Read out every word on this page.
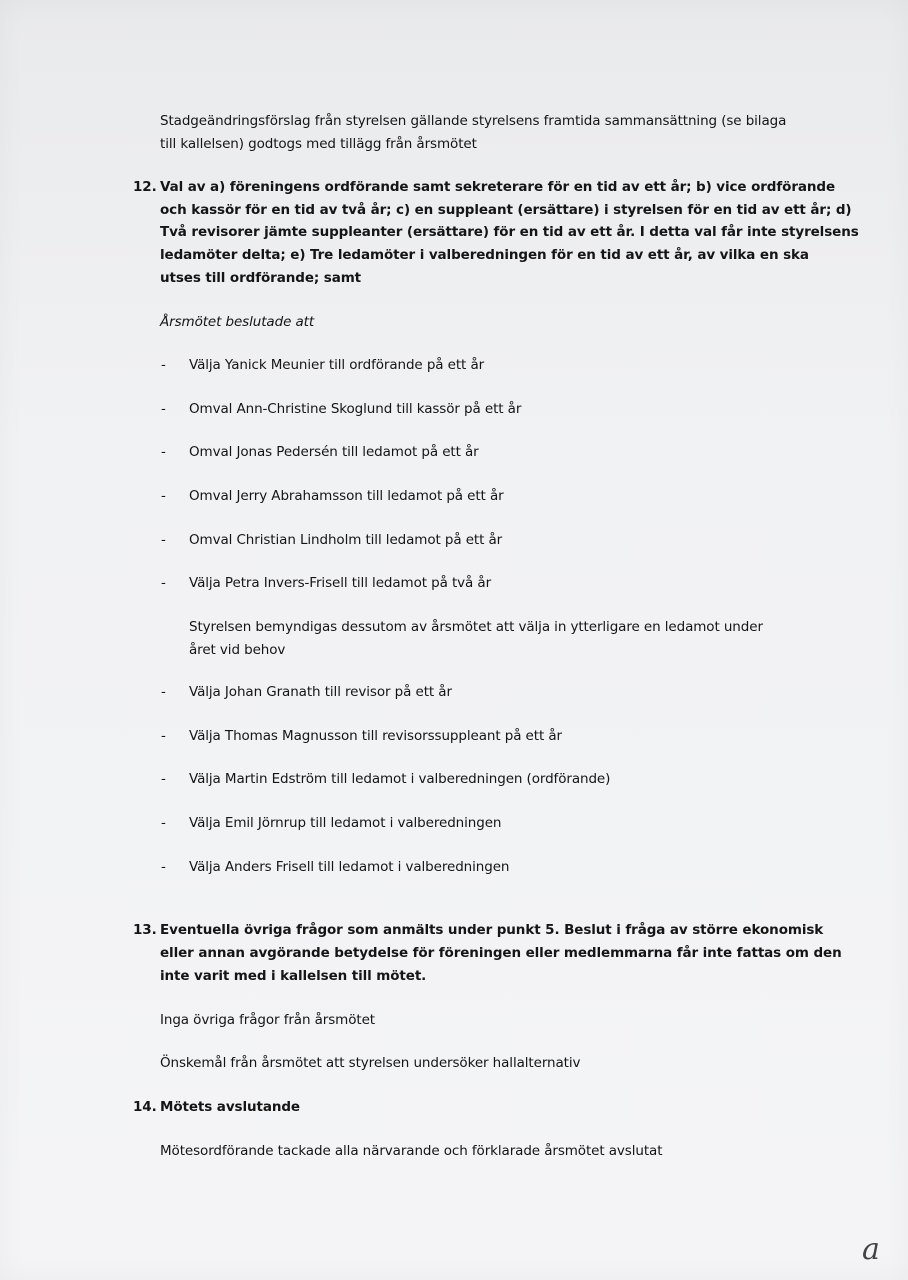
Stadgeändringsförslag från styrelsen gällande styrelsens framtida sammansättning (se bilaga
till kallelsen) godtogs med tillägg från årsmötet
12. Val av a) föreningens ordförande samt sekreterare för en tid av ett år; b) vice ordförande
och kassör för en tid av två år; c) en suppleant (ersättare) i styrelsen för en tid av ett år; d)
Två revisorer jämte suppleanter (ersättare) för en tid av ett år. I detta val får inte styrelsens
ledamöter delta; e) Tre ledamöter i valberedningen för en tid av ett år, av vilka en ska
utses till ordförande; samt
Årsmötet beslutade att
- Välja Yanick Meunier till ordförande på ett år
- Omval Ann-Christine Skoglund till kassör på ett år
- Omval Jonas Pedersén till ledamot på ett år
- Omval Jerry Abrahamsson till ledamot på ett år
- Omval Christian Lindholm till ledamot på ett år
- Välja Petra Invers-Frisell till ledamot på två år
Styrelsen bemyndigas dessutom av årsmötet att välja in ytterligare en ledamot under
året vid behov
- Välja Johan Granath till revisor på ett år
- Välja Thomas Magnusson till revisorssuppleant på ett år
- Välja Martin Edström till ledamot i valberedningen (ordförande)
- Välja Emil Jörnrup till ledamot i valberedningen
- Välja Anders Frisell till ledamot i valberedningen
13. Eventuella övriga frågor som anmälts under punkt 5. Beslut i fråga av större ekonomisk
eller annan avgörande betydelse för föreningen eller medlemmarna får inte fattas om den
inte varit med i kallelsen till mötet.
Inga övriga frågor från årsmötet
Önskemål från årsmötet att styrelsen undersöker hallalternativ
14. Mötets avslutande
Mötesordförande tackade alla närvarande och förklarade årsmötet avslutat
a
